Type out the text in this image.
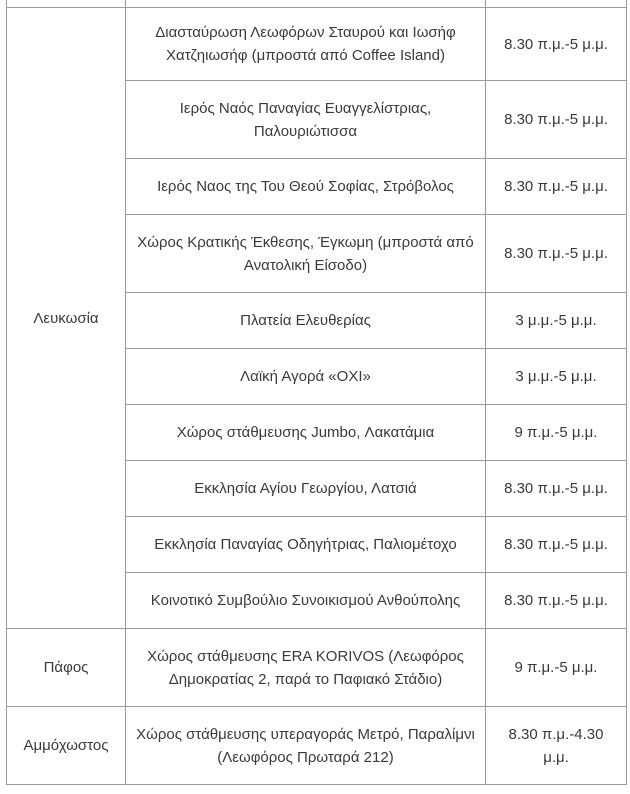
Λευκωσία	Διασταύρωση Λεωφόρων Σταυρού και Ιωσήφ Χατζηιωσήφ (μπροστά από Coffee Island)	8.30 π.μ.-5 μ.μ.
	Ιερός Ναός Παναγίας Ευαγγελίστριας, Παλουριώτισσα	8.30 π.μ.-5 μ.μ.
	Ιερός Ναος της Του Θεού Σοφίας, Στρόβολος	8.30 π.μ.-5 μ.μ.
	Χώρος Κρατικής Έκθεσης, Έγκωμη (μπροστά από Ανατολική Είσοδο)	8.30 π.μ.-5 μ.μ.
	Πλατεία Ελευθερίας	3 μ.μ.-5 μ.μ.
	Λαϊκή Αγορά «ΟΧΙ»	3 μ.μ.-5 μ.μ.
	Χώρος στάθμευσης Jumbo, Λακατάμια	9 π.μ.-5 μ.μ.
	Εκκλησία Αγίου Γεωργίου, Λατσιά	8.30 π.μ.-5 μ.μ.
	Εκκλησία Παναγίας Οδηγήτριας, Παλιομέτοχο	8.30 π.μ.-5 μ.μ.
	Κοινοτικό Συμβούλιο Συνοικισμού Ανθούπολης	8.30 π.μ.-5 μ.μ.
Πάφος	Χώρος στάθμευσης ERA KORIVOS (Λεωφόρος Δημοκρατίας 2, παρά το Παφιακό Στάδιο)	9 π.μ.-5 μ.μ.
Αμμόχωστος	Χώρος στάθμευσης υπεραγοράς Μετρό, Παραλίμνι (Λεωφόρος Πρωταρά 212)	8.30 π.μ.-4.30 μ.μ.
